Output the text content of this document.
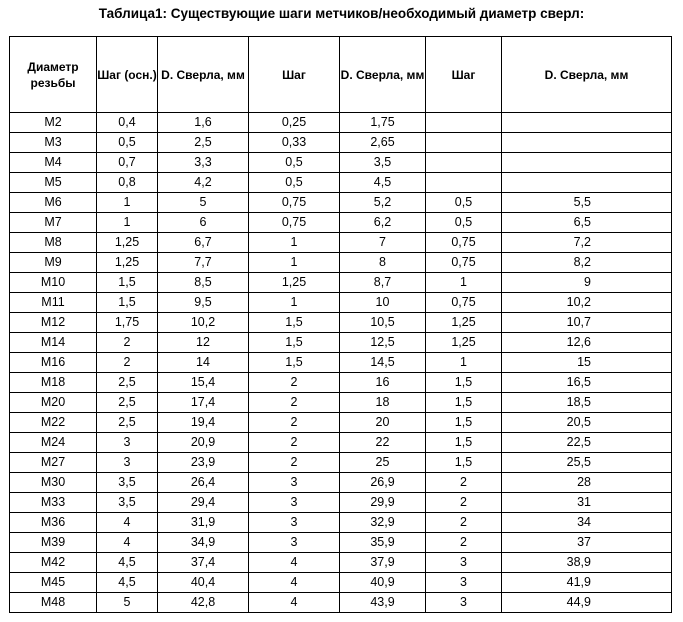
Таблица1: Существующие шаги метчиков/необходимый диаметр сверл:
Диаметр резьбы	Шаг (осн.)	D. Сверла, мм	Шаг	D. Сверла, мм	Шаг	D. Сверла, мм
M2	0,4	1,6	0,25	1,75		
M3	0,5	2,5	0,33	2,65		
M4	0,7	3,3	0,5	3,5		
M5	0,8	4,2	0,5	4,5		
M6	1	5	0,75	5,2	0,5	5,5
M7	1	6	0,75	6,2	0,5	6,5
M8	1,25	6,7	1	7	0,75	7,2
M9	1,25	7,7	1	8	0,75	8,2
M10	1,5	8,5	1,25	8,7	1	9
M11	1,5	9,5	1	10	0,75	10,2
M12	1,75	10,2	1,5	10,5	1,25	10,7
M14	2	12	1,5	12,5	1,25	12,6
M16	2	14	1,5	14,5	1	15
M18	2,5	15,4	2	16	1,5	16,5
M20	2,5	17,4	2	18	1,5	18,5
M22	2,5	19,4	2	20	1,5	20,5
M24	3	20,9	2	22	1,5	22,5
M27	3	23,9	2	25	1,5	25,5
M30	3,5	26,4	3	26,9	2	28
M33	3,5	29,4	3	29,9	2	31
M36	4	31,9	3	32,9	2	34
M39	4	34,9	3	35,9	2	37
M42	4,5	37,4	4	37,9	3	38,9
M45	4,5	40,4	4	40,9	3	41,9
M48	5	42,8	4	43,9	3	44,9
